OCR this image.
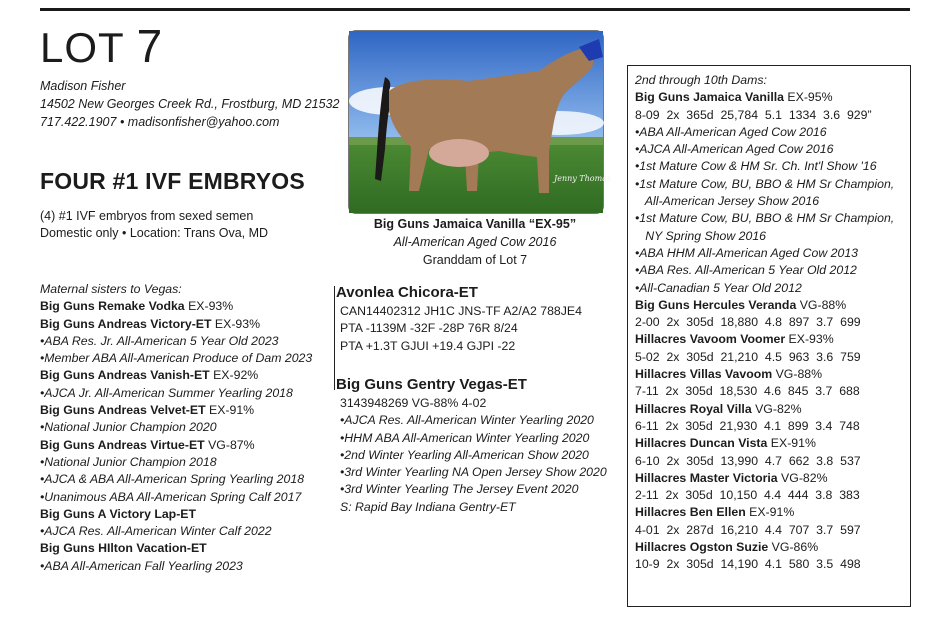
LOT 7
Madison Fisher
14502 New Georges Creek Rd., Frostburg, MD 21532
717.422.1907 • madisonfisher@yahoo.com
FOUR #1 IVF EMBRYOS
(4) #1 IVF embryos from sexed semen
Domestic only • Location: Trans Ova, MD
Maternal sisters to Vegas:
Big Guns Remake Vodka EX-93%
Big Guns Andreas Victory-ET EX-93%
•ABA Res. Jr. All-American 5 Year Old 2023
•Member ABA All-American Produce of Dam 2023
Big Guns Andreas Vanish-ET EX-92%
•AJCA Jr. All-American Summer Yearling 2018
Big Guns Andreas Velvet-ET EX-91%
•National Junior Champion 2020
Big Guns Andreas Virtue-ET VG-87%
•National Junior Champion 2018
•AJCA & ABA All-American Spring Yearling 2018
•Unanimous ABA All-American Spring Calf 2017
Big Guns A Victory Lap-ET
•AJCA Res. All-American Winter Calf 2022
Big Guns HIlton Vacation-ET
•ABA All-American Fall Yearling 2023
Jenny Thomas
Big Guns Jamaica Vanilla “EX-95”
All-American Aged Cow 2016
Granddam of Lot 7
Avonlea Chicora-ET
CAN14402312 JH1C JNS-TF A2/A2 788JE4
PTA -1139M -32F -28P 76R 8/24
PTA +1.3T GJUI +19.4 GJPI -22
Big Guns Gentry Vegas-ET
3143948269 VG-88% 4-02
•AJCA Res. All-American Winter Yearling 2020
•HHM ABA All-American Winter Yearling 2020
•2nd Winter Yearling All-American Show 2020
•3rd Winter Yearling NA Open Jersey Show 2020
•3rd Winter Yearling The Jersey Event 2020
S: Rapid Bay Indiana Gentry-ET
2nd through 10th Dams:
Big Guns Jamaica Vanilla EX-95%
8-09  2x  365d  25,784  5.1  1334  3.6  929”
•ABA All-American Aged Cow 2016
•AJCA All-American Aged Cow 2016
•1st Mature Cow & HM Sr. Ch. Int'l Show '16
•1st Mature Cow, BU, BBO & HM Sr Champion,
All-American Jersey Show 2016
•1st Mature Cow, BU, BBO & HM Sr Champion,
NY Spring Show 2016
•ABA HHM All-American Aged Cow 2013
•ABA Res. All-American 5 Year Old 2012
•All-Canadian 5 Year Old 2012
Big Guns Hercules Veranda VG-88%
2-00  2x  305d  18,880  4.8  897  3.7  699
Hillacres Vavoom Voomer EX-93%
5-02  2x  305d  21,210  4.5  963  3.6  759
Hillacres Villas Vavoom VG-88%
7-11  2x  305d  18,530  4.6  845  3.7  688
Hillacres Royal Villa VG-82%
6-11  2x  305d  21,930  4.1  899  3.4  748
Hillacres Duncan Vista EX-91%
6-10  2x  305d  13,990  4.7  662  3.8  537
Hillacres Master Victoria VG-82%
2-11  2x  305d  10,150  4.4  444  3.8  383
Hillacres Ben Ellen EX-91%
4-01  2x  287d  16,210  4.4  707  3.7  597
Hillacres Ogston Suzie VG-86%
10-9  2x  305d  14,190  4.1  580  3.5  498
